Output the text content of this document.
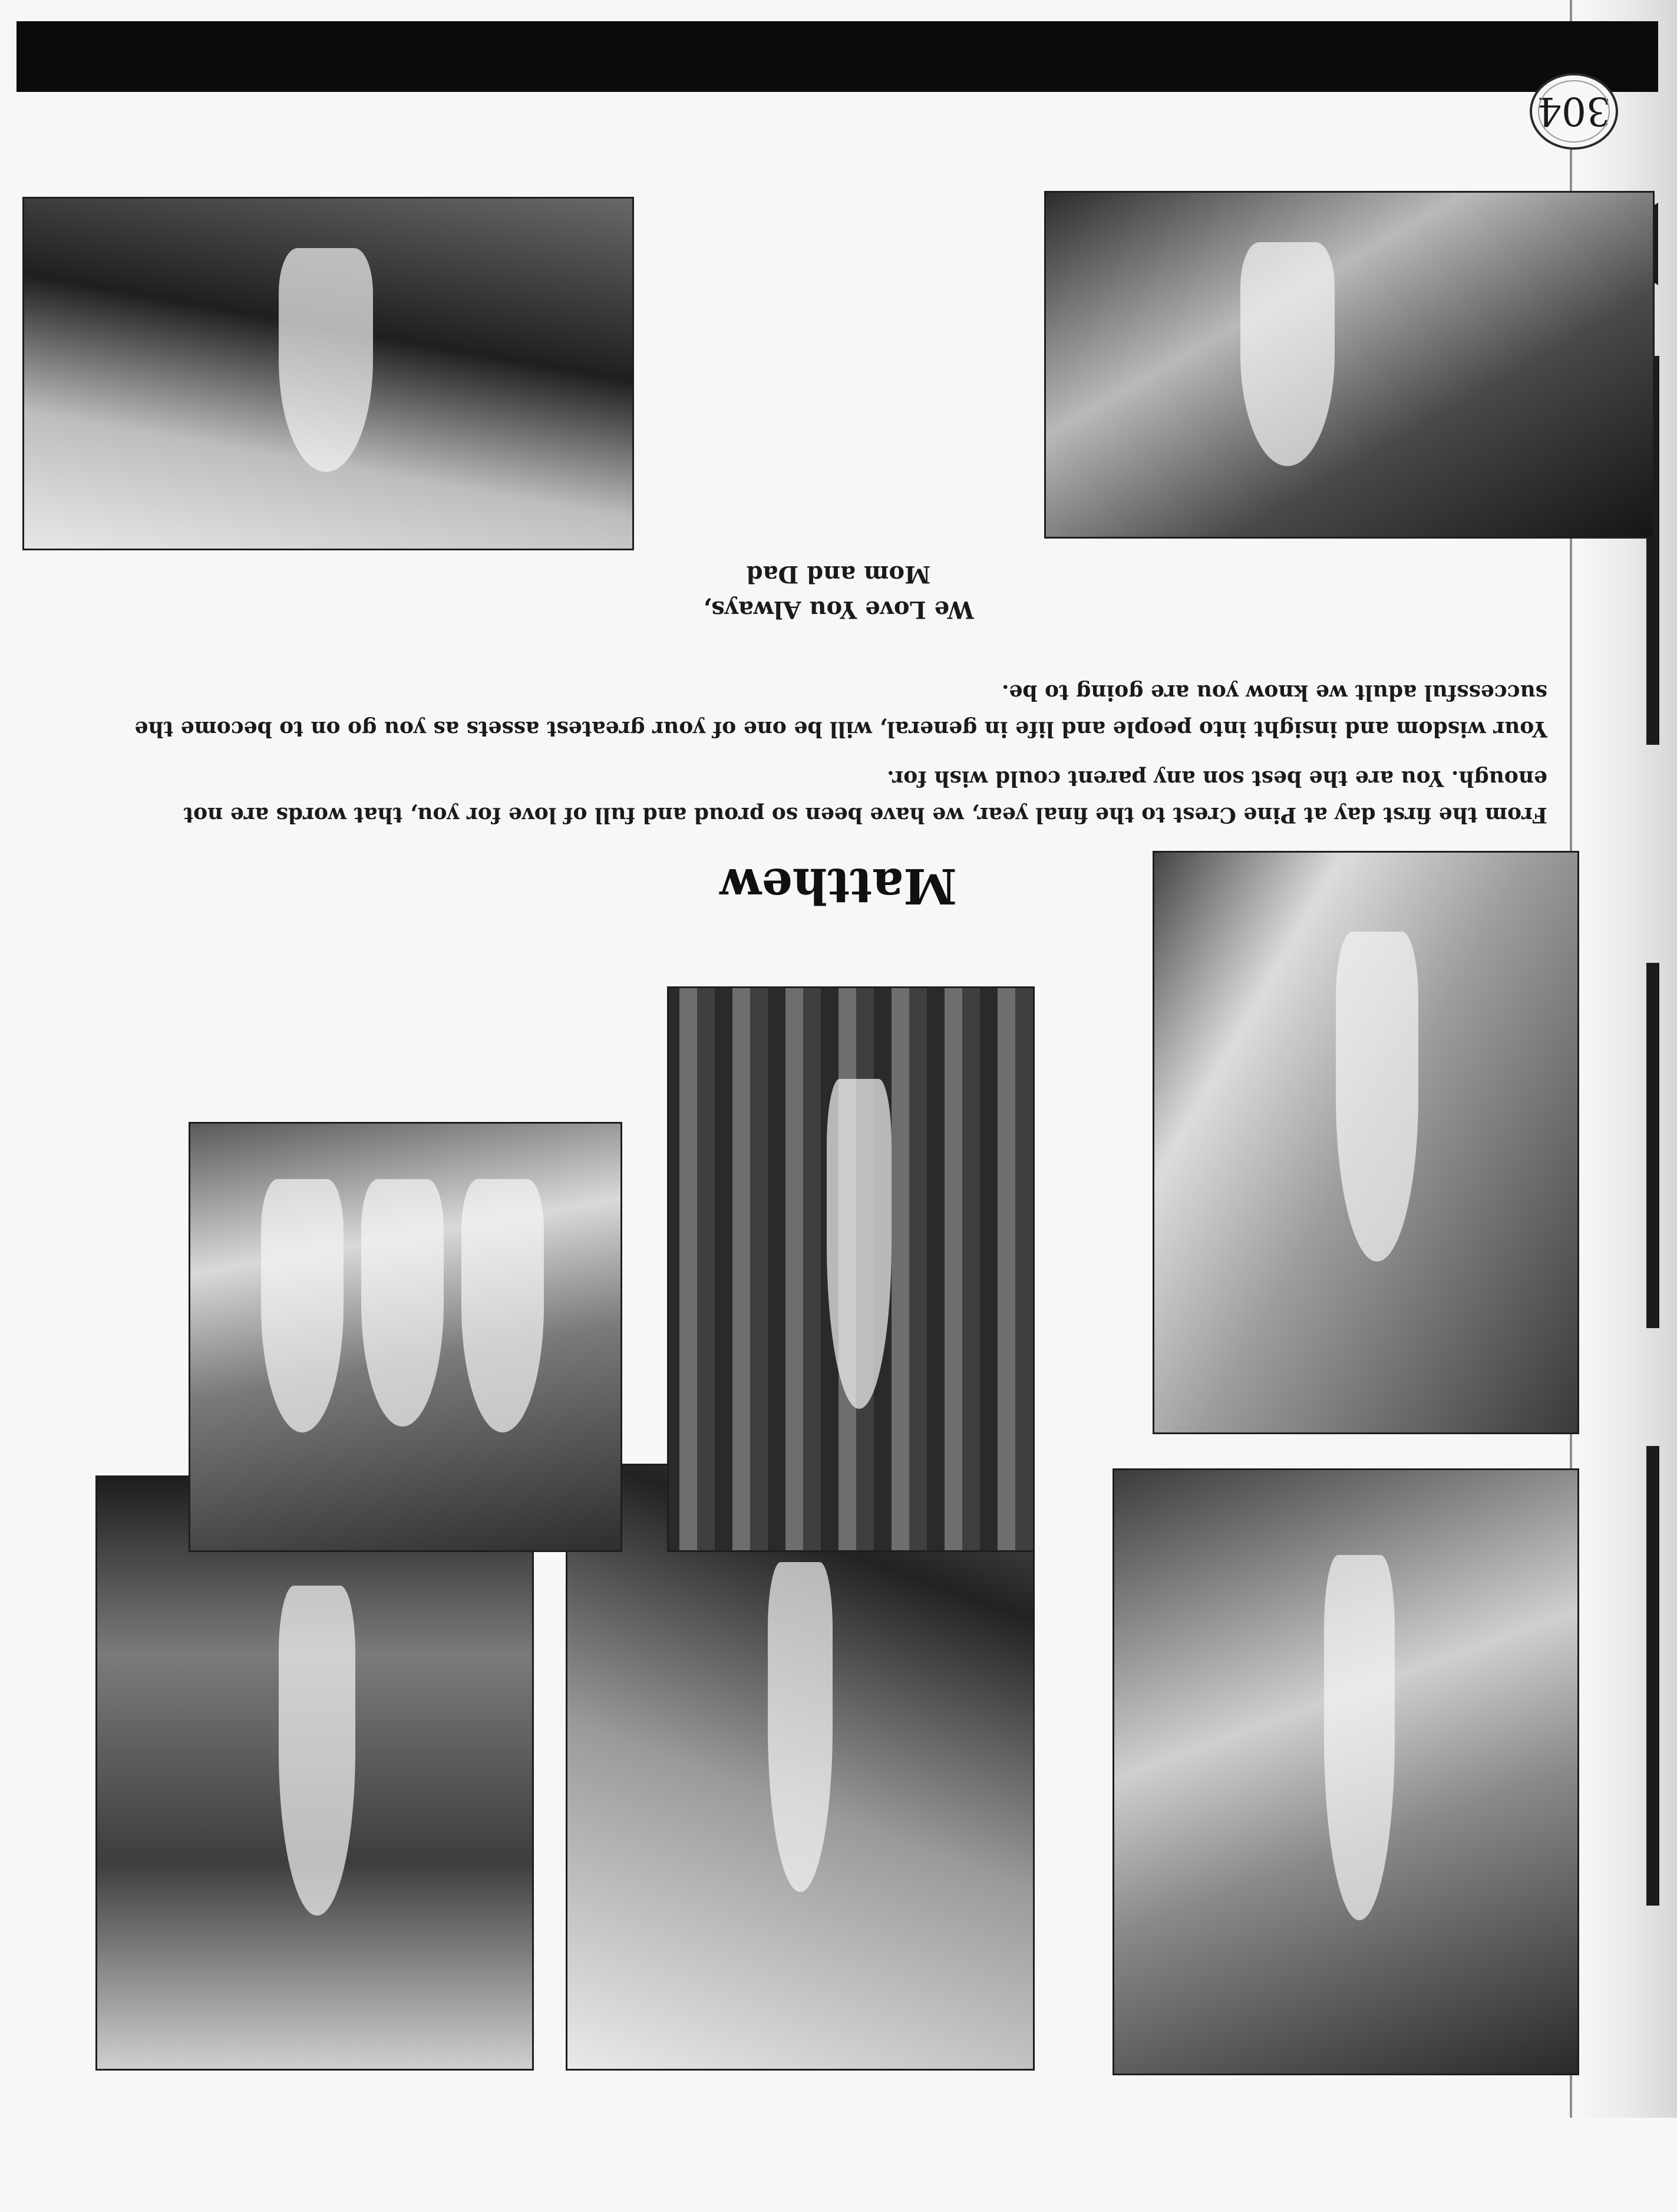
Matthew

From the first day at Pine Crest to the final year, we have been so proud and full of love for you, that words are not enough. You are the best son any parent could wish for.

Your wisdom and insight into people and life in general, will be one of your greatest assets as you go on to become the successful adult we know you are going to be.

We Love You Always,
Mom and Dad
304
